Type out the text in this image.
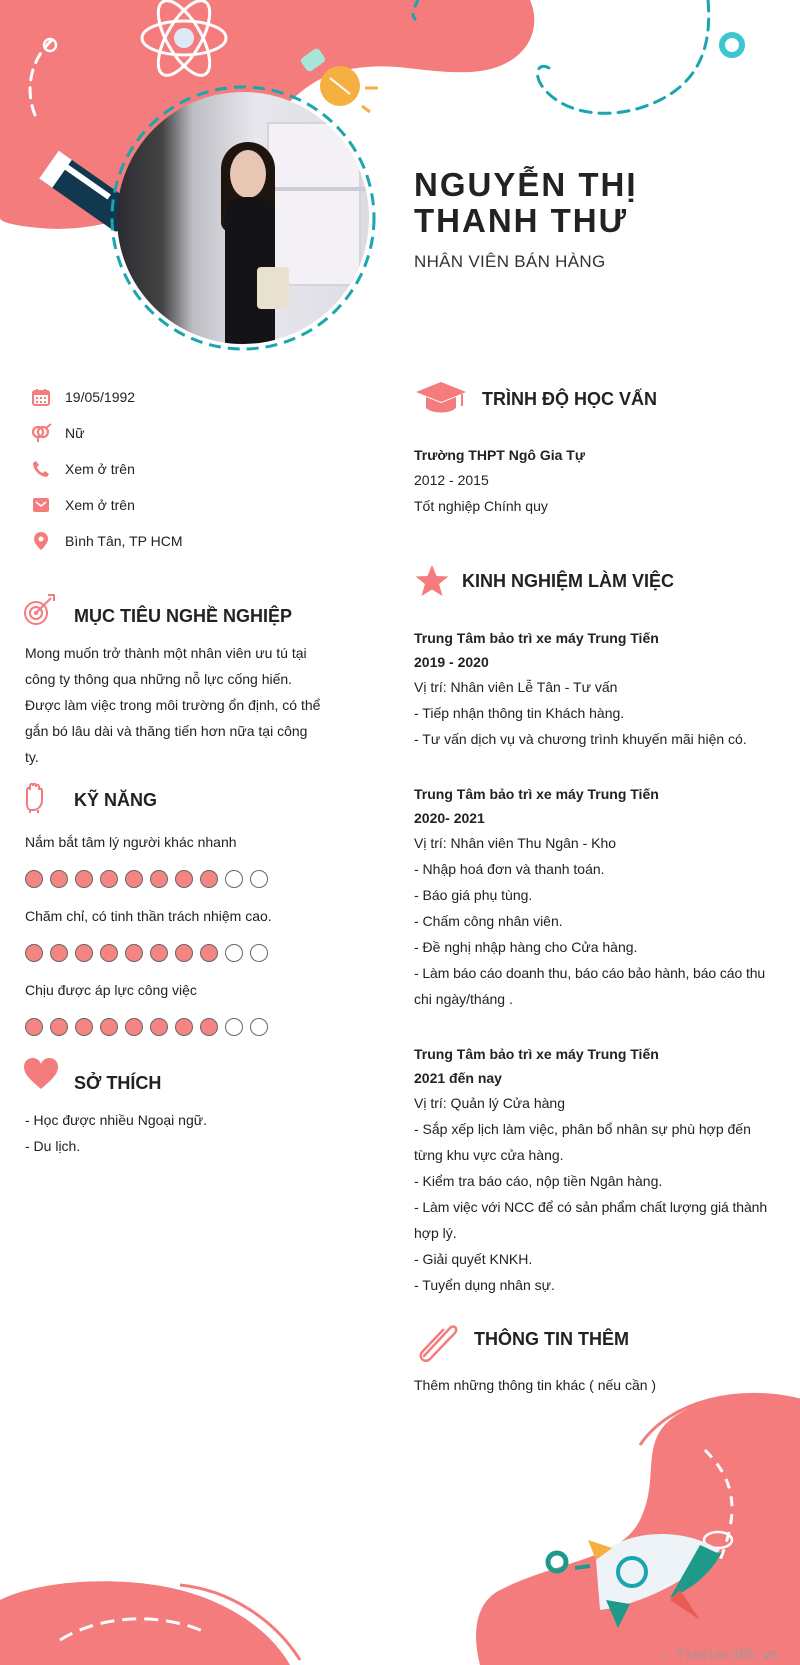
NGUYỄN THỊ THANH THƯ
NHÂN VIÊN BÁN HÀNG
19/05/1992
Nữ
Xem ở trên
Xem ở trên
Bình Tân, TP HCM
MỤC TIÊU NGHỀ NGHIỆP
Mong muốn trở thành một nhân viên ưu tú tại
công ty thông qua những nỗ lực cống hiến.
Được làm việc trong môi trường ổn định, có thể
gắn bó lâu dài và thăng tiến hơn nữa tại công
ty.
KỸ NĂNG
Nắm bắt tâm lý người khác nhanh
Chăm chỉ, có tinh thần trách nhiệm cao.
Chịu được áp lực công việc
SỞ THÍCH
- Học được nhiều Ngoại ngữ.
- Du lịch.
TRÌNH ĐỘ HỌC VẤN
Trường THPT Ngô Gia Tự
2012 - 2015
Tốt nghiệp Chính quy
KINH NGHIỆM LÀM VIỆC
Trung Tâm bảo trì xe máy Trung Tiến
2019 - 2020
Vị trí: Nhân viên Lễ Tân - Tư vấn
- Tiếp nhận thông tin Khách hàng.
- Tư vấn dịch vụ và chương trình khuyến mãi hiện có.
Trung Tâm bảo trì xe máy Trung Tiến
2020- 2021
Vị trí: Nhân viên Thu Ngân - Kho
- Nhập hoá đơn và thanh toán.
- Báo giá phụ tùng.
- Chấm công nhân viên.
- Đề nghị nhập hàng cho Cửa hàng.
- Làm báo cáo doanh thu, báo cáo bảo hành, báo cáo thu
chi ngày/tháng .
Trung Tâm bảo trì xe máy Trung Tiến
2021 đến nay
Vị trí: Quản lý Cửa hàng
- Sắp xếp lịch làm việc, phân bổ nhân sự phù hợp đến
từng khu vực cửa hàng.
- Kiểm tra báo cáo, nộp tiền Ngân hàng.
- Làm việc với NCC để có sản phẩm chất lượng giá thành
hợp lý.
- Giải quyết KNKH.
- Tuyển dụng nhân sự.
THÔNG TIN THÊM
Thêm những thông tin khác ( nếu cần )
∴ Timviec365.vn
